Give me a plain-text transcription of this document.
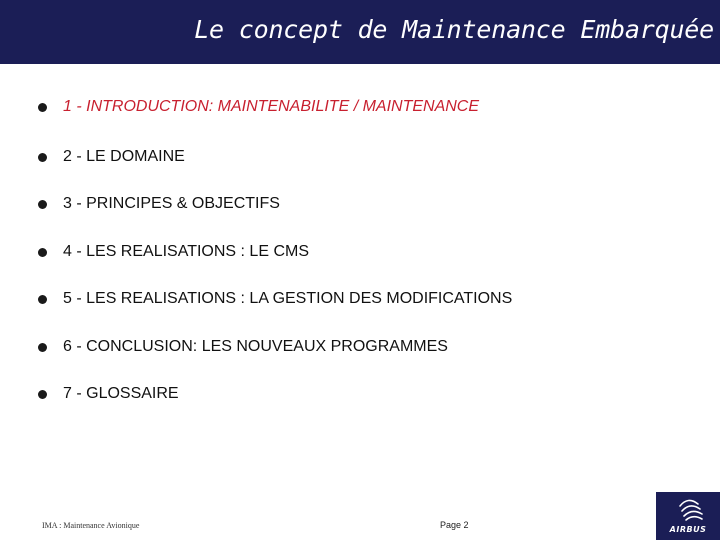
Le concept de Maintenance Embarquée
1 - INTRODUCTION: MAINTENABILITE / MAINTENANCE
2 - LE DOMAINE
3 - PRINCIPES & OBJECTIFS
4 - LES REALISATIONS : LE CMS
5 - LES REALISATIONS : LA GESTION DES MODIFICATIONS
6 - CONCLUSION: LES NOUVEAUX PROGRAMMES
7 - GLOSSAIRE
IMA : Maintenance Avionique	Page 2	AIRBUS
